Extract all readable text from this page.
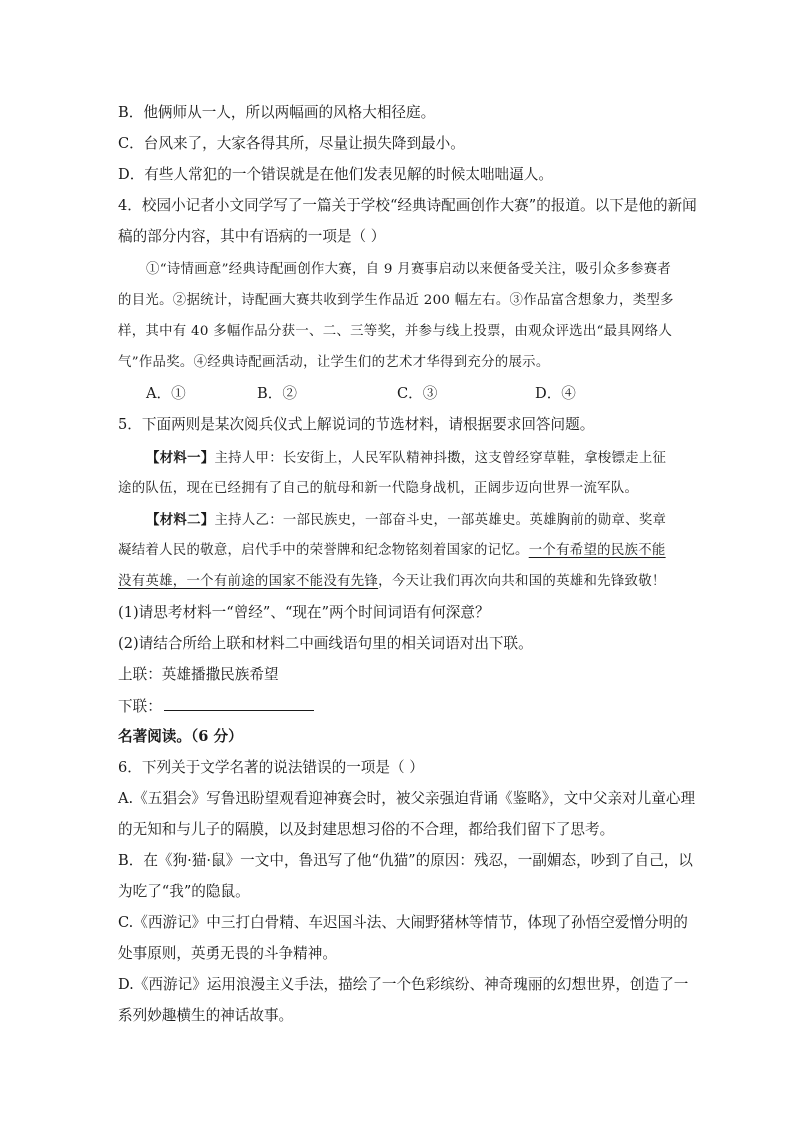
B．他俩师从一人，所以两幅画的风格大相径庭。
C．台风来了，大家各得其所，尽量让损失降到最小。
D．有些人常犯的一个错误就是在他们发表见解的时候太咄咄逼人。
4．校园小记者小文同学写了一篇关于学校“经典诗配画创作大赛”的报道。以下是他的新闻
稿的部分内容，其中有语病的一项是（ ）
①“诗情画意”经典诗配画创作大赛，自 9 月赛事启动以来便备受关注，吸引众多参赛者
的目光。②据统计，诗配画大赛共收到学生作品近 200 幅左右。③作品富含想象力，类型多
样，其中有 40 多幅作品分获一、二、三等奖，并参与线上投票，由观众评选出“最具网络人
气”作品奖。④经典诗配画活动，让学生们的艺术才华得到充分的展示。
A．①	B．②	C．③	D．④
5．下面两则是某次阅兵仪式上解说词的节选材料，请根据要求回答问题。
【材料一】主持人甲：长安街上，人民军队精神抖擞，这支曾经穿草鞋，拿梭镖走上征
途的队伍，现在已经拥有了自己的航母和新一代隐身战机，正阔步迈向世界一流军队。
【材料二】主持人乙：一部民族史，一部奋斗史，一部英雄史。英雄胸前的勋章、奖章
凝结着人民的敬意，启代手中的荣誉牌和纪念物铭刻着国家的记忆。一个有希望的民族不能
没有英雄，一个有前途的国家不能没有先锋，今天让我们再次向共和国的英雄和先锋致敬！
(1)请思考材料一“曾经”、“现在”两个时间词语有何深意？
(2)请结合所给上联和材料二中画线语句里的相关词语对出下联。
上联：英雄播撒民族希望
下联：
名著阅读。（6 分）
6．下列关于文学名著的说法错误的一项是（ ）
A.《五猖会》写鲁迅盼望观看迎神赛会时，被父亲强迫背诵《鉴略》，文中父亲对儿童心理
的无知和与儿子的隔膜，以及封建思想习俗的不合理，都给我们留下了思考。
B．在《狗·猫·鼠》一文中，鲁迅写了他“仇猫”的原因：残忍，一副媚态，吵到了自己，以
为吃了“我”的隐鼠。
C.《西游记》中三打白骨精、车迟国斗法、大闹野猪林等情节，体现了孙悟空爱憎分明的
处事原则，英勇无畏的斗争精神。
D.《西游记》运用浪漫主义手法，描绘了一个色彩缤纷、神奇瑰丽的幻想世界，创造了一
系列妙趣横生的神话故事。
